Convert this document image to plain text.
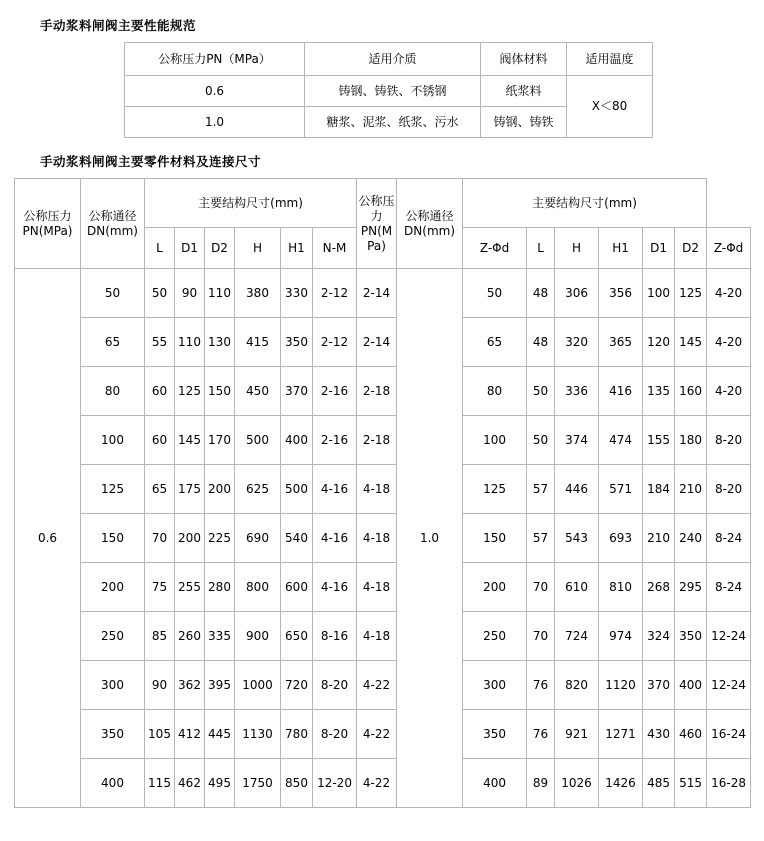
手动浆料闸阀主要性能规范
公称压力PN（MPa）	适用介质	阀体材料	适用温度
0.6	铸钢、铸铁、不锈钢	纸浆料	X＜80
1.0	糖浆、泥浆、纸浆、污水	铸钢、铸铁	
手动浆料闸阀主要零件材料及连接尺寸
公称压力PN(MPa)	公称通径DN(mm)	主要结构尺寸(mm)						公称压力PN(MPa)	公称通径DN(mm)	主要结构尺寸(mm)						
		L	D1	D2	H	H1	N-M			Z-Φd	L	H	H1	D1	D2	Z-Φd
0.6	50	50	90	110	380	330	2-12	2-14	1.0	50	48	306	356	100	125	4-20
	65	55	110	130	415	350	2-12	2-14		65	48	320	365	120	145	4-20
	80	60	125	150	450	370	2-16	2-18		80	50	336	416	135	160	4-20
	100	60	145	170	500	400	2-16	2-18		100	50	374	474	155	180	8-20
	125	65	175	200	625	500	4-16	4-18		125	57	446	571	184	210	8-20
	150	70	200	225	690	540	4-16	4-18		150	57	543	693	210	240	8-24
	200	75	255	280	800	600	4-16	4-18		200	70	610	810	268	295	8-24
	250	85	260	335	900	650	8-16	4-18		250	70	724	974	324	350	12-24
	300	90	362	395	1000	720	8-20	4-22		300	76	820	1120	370	400	12-24
	350	105	412	445	1130	780	8-20	4-22		350	76	921	1271	430	460	16-24
	400	115	462	495	1750	850	12-20	4-22		400	89	1026	1426	485	515	16-28
